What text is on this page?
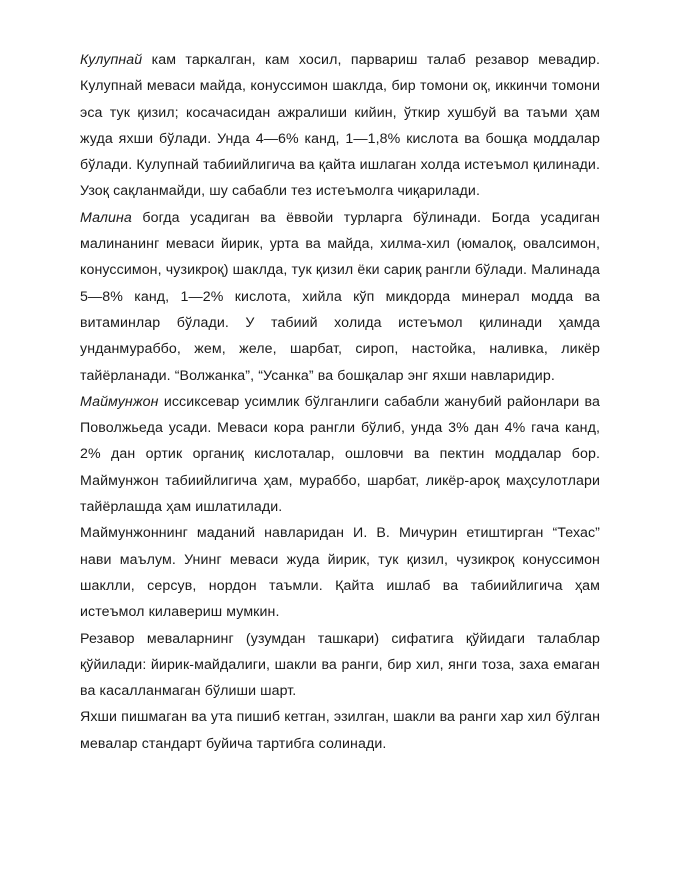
Кулупнай кам таркалган, кам хосил, парвариш талаб резавор мевадир. Кулупнай меваси майда, конуссимон шаклда, бир томони оқ, иккинчи томони эса тук қизил; косачасидан ажралиши кийин, ўткир хушбуй ва таъми ҳам жуда яхши бўлади. Унда 4—6% канд, 1—1,8% кислота ва бошқа моддалар бўлади. Кулупнай табиийлигича ва қайта ишлаган холда истеъмол қилинади. Узоқ сақланмайди, шу сабабли тез истеъмолга чиқарилади.

Малина богда усадиган ва ёввойи турларга бўлинади. Богда усадиган малинанинг меваси йирик, урта ва майда, хилма-хил (юмалоқ, овалсимон, конуссимон, чузикроқ) шаклда, тук қизил ёки сариқ рангли бўлади. Малинада 5—8% канд, 1—2% кислота, хийла кўп микдорда минерал модда ва витаминлар бўлади. У табиий холида истеъмол қилинади ҳамда унданмураббо, жем, желе, шарбат, сироп, настойка, наливка, ликёр тайёрланади. “Волжанка”, “Усанка” ва бошқалар энг яхши навларидир.

Маймунжон иссиксевар усимлик бўлганлиги сабабли жанубий районлари ва Поволжьеда усади. Меваси кора рангли бўлиб, унда 3% дан 4% гача канд, 2% дан ортик органиқ кислоталар, ошловчи ва пектин моддалар бор. Маймунжон табиийлигича ҳам, мураббо, шарбат, ликёр-ароқ маҳсулотлари тайёрлашда ҳам ишлатилади.

Маймунжоннинг маданий навларидан И. В. Мичурин етиштирган “Техас” нави маълум. Унинг меваси жуда йирик, тук қизил, чузикроқ конуссимон шаклли, серсув, нордон таъмли. Қайта ишлаб ва табиийлигича ҳам истеъмол килавериш мумкин.

Резавор меваларнинг (узумдан ташкари) сифатига қўйидаги талаблар қўйилади: йирик-майдалиги, шакли ва ранги, бир хил, янги тоза, заха емаган ва касалланмаган бўлиши шарт.

Яхши пишмаган ва ута пишиб кетган, эзилган, шакли ва ранги хар хил бўлган мевалар стандарт буйича тартибга солинади.
